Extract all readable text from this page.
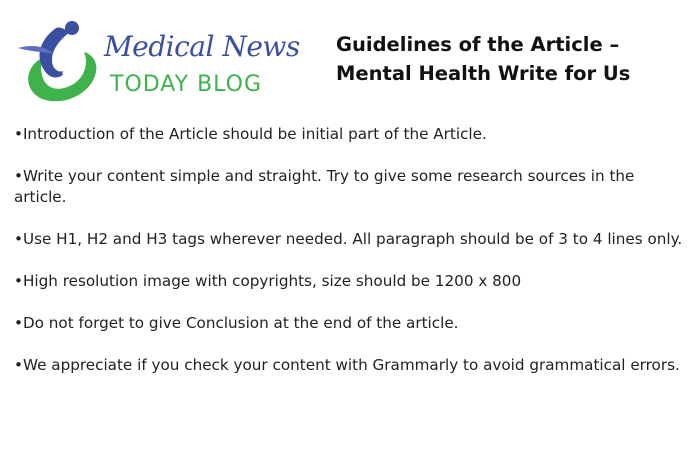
Medical News
TODAY BLOG
Guidelines of the Article –
Mental Health Write for Us
•Introduction of the Article should be initial part of the Article.
•Write your content simple and straight. Try to give some research sources in the article.
•Use H1, H2 and H3 tags wherever needed. All paragraph should be of 3 to 4 lines only.
•High resolution image with copyrights, size should be 1200 x 800
•Do not forget to give Conclusion at the end of the article.
•We appreciate if you check your content with Grammarly to avoid grammatical errors.
